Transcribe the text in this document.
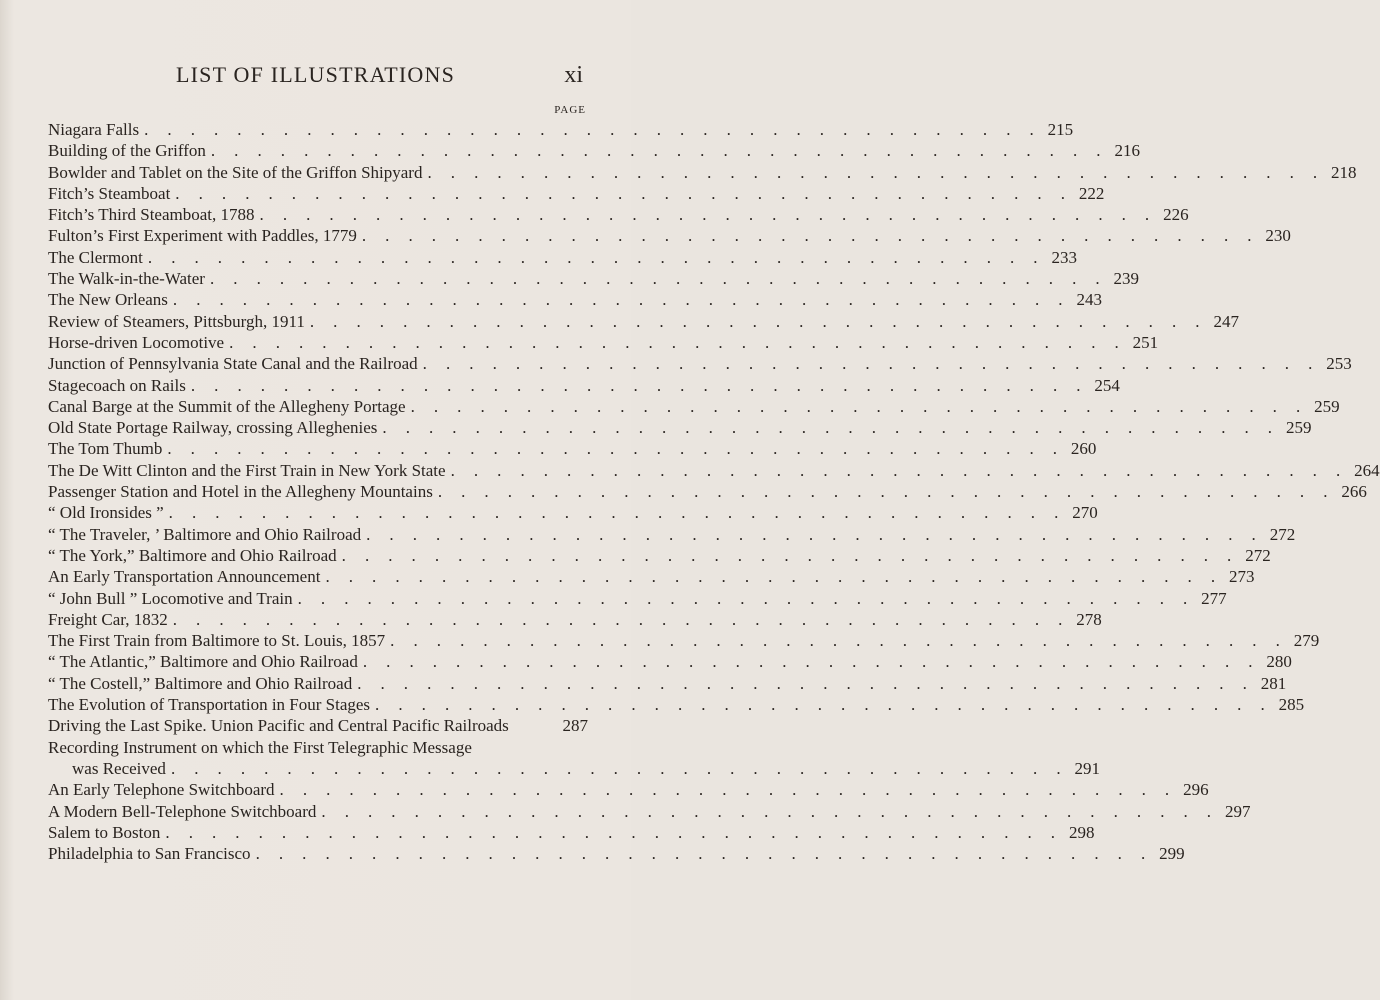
LIST OF ILLUSTRATIONS	xi
PAGE
Niagara Falls . . . . . . . . . . . . . . . . . . . . . . . . . . . . . . . . . . . . . . . 215
Building of the Griffon . . . . . . . . . . . . . . . . . . . . . . . . . . . . . . . . . . . . . . . 216
Bowlder and Tablet on the Site of the Griffon Shipyard . . . . . . . . . . . . . . . . . . . . . . . . . . . . . . . . . . . . . . . 218
Fitch’s Steamboat . . . . . . . . . . . . . . . . . . . . . . . . . . . . . . . . . . . . . . . 222
Fitch’s Third Steamboat, 1788 . . . . . . . . . . . . . . . . . . . . . . . . . . . . . . . . . . . . . . . 226
Fulton’s First Experiment with Paddles, 1779 . . . . . . . . . . . . . . . . . . . . . . . . . . . . . . . . . . . . . . . 230
The Clermont . . . . . . . . . . . . . . . . . . . . . . . . . . . . . . . . . . . . . . . 233
The Walk-in-the-Water . . . . . . . . . . . . . . . . . . . . . . . . . . . . . . . . . . . . . . . 239
The New Orleans . . . . . . . . . . . . . . . . . . . . . . . . . . . . . . . . . . . . . . . 243
Review of Steamers, Pittsburgh, 1911 . . . . . . . . . . . . . . . . . . . . . . . . . . . . . . . . . . . . . . . 247
Horse-driven Locomotive . . . . . . . . . . . . . . . . . . . . . . . . . . . . . . . . . . . . . . . 251
Junction of Pennsylvania State Canal and the Railroad . . . . . . . . . . . . . . . . . . . . . . . . . . . . . . . . . . . . . . . 253
Stagecoach on Rails . . . . . . . . . . . . . . . . . . . . . . . . . . . . . . . . . . . . . . . 254
Canal Barge at the Summit of the Allegheny Portage . . . . . . . . . . . . . . . . . . . . . . . . . . . . . . . . . . . . . . . 259
Old State Portage Railway, crossing Alleghenies . . . . . . . . . . . . . . . . . . . . . . . . . . . . . . . . . . . . . . . 259
The Tom Thumb . . . . . . . . . . . . . . . . . . . . . . . . . . . . . . . . . . . . . . . 260
The De Witt Clinton and the First Train in New York State . . . . . . . . . . . . . . . . . . . . . . . . . . . . . . . . . . . . . . . 264
Passenger Station and Hotel in the Allegheny Mountains . . . . . . . . . . . . . . . . . . . . . . . . . . . . . . . . . . . . . . . 266
“ Old Ironsides ” . . . . . . . . . . . . . . . . . . . . . . . . . . . . . . . . . . . . . . . 270
“ The Traveler, ’ Baltimore and Ohio Railroad . . . . . . . . . . . . . . . . . . . . . . . . . . . . . . . . . . . . . . . 272
“ The York,” Baltimore and Ohio Railroad . . . . . . . . . . . . . . . . . . . . . . . . . . . . . . . . . . . . . . . 272
An Early Transportation Announcement . . . . . . . . . . . . . . . . . . . . . . . . . . . . . . . . . . . . . . . 273
“ John Bull ” Locomotive and Train . . . . . . . . . . . . . . . . . . . . . . . . . . . . . . . . . . . . . . . 277
Freight Car, 1832 . . . . . . . . . . . . . . . . . . . . . . . . . . . . . . . . . . . . . . . 278
The First Train from Baltimore to St. Louis, 1857 . . . . . . . . . . . . . . . . . . . . . . . . . . . . . . . . . . . . . . . 279
“ The Atlantic,” Baltimore and Ohio Railroad . . . . . . . . . . . . . . . . . . . . . . . . . . . . . . . . . . . . . . . 280
“ The Costell,” Baltimore and Ohio Railroad . . . . . . . . . . . . . . . . . . . . . . . . . . . . . . . . . . . . . . . 281
The Evolution of Transportation in Four Stages . . . . . . . . . . . . . . . . . . . . . . . . . . . . . . . . . . . . . . . 285
Driving the Last Spike. Union Pacific and Central Pacific Railroads	287
Recording Instrument on which the First Telegraphic Message
was Received . . . . . . . . . . . . . . . . . . . . . . . . . . . . . . . . . . . . . . . 291
An Early Telephone Switchboard . . . . . . . . . . . . . . . . . . . . . . . . . . . . . . . . . . . . . . . 296
A Modern Bell-Telephone Switchboard . . . . . . . . . . . . . . . . . . . . . . . . . . . . . . . . . . . . . . . 297
Salem to Boston . . . . . . . . . . . . . . . . . . . . . . . . . . . . . . . . . . . . . . . 298
Philadelphia to San Francisco . . . . . . . . . . . . . . . . . . . . . . . . . . . . . . . . . . . . . . . 299
